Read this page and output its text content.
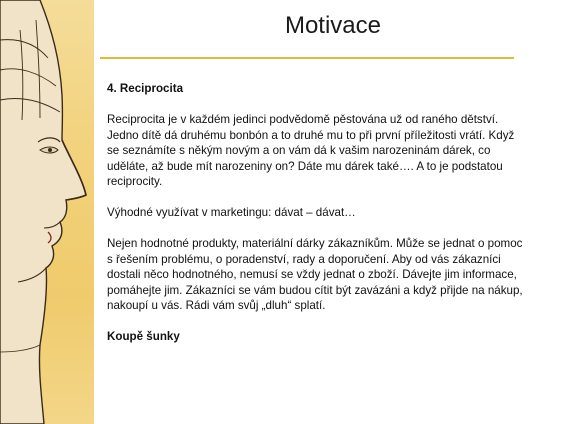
Motivace

4. Reciprocita

Reciprocita je v každém jedinci podvědomě pěstována už od raného dětství. Jedno dítě dá druhému bonbón a to druhé mu to při první příležitosti vrátí. Když se seznámíte s někým novým a on vám dá k vašim narozeninám dárek, co uděláte, až bude mít narozeniny on? Dáte mu dárek také…. A to je podstatou reciprocity.

Výhodné využívat v marketingu: dávat – dávat…

Nejen hodnotné produkty, materiální dárky zákazníkům. Může se jednat o pomoc s řešením problému, o poradenství, rady a doporučení. Aby od vás zákazníci dostali něco hodnotného, nemusí se vždy jednat o zboží. Dávejte jim informace, pomáhejte jim. Zákazníci se vám budou cítit být zavázáni a když přijde na nákup, nakoupí u vás. Rádi vám svůj „dluh“ splatí.

Koupě šunky
